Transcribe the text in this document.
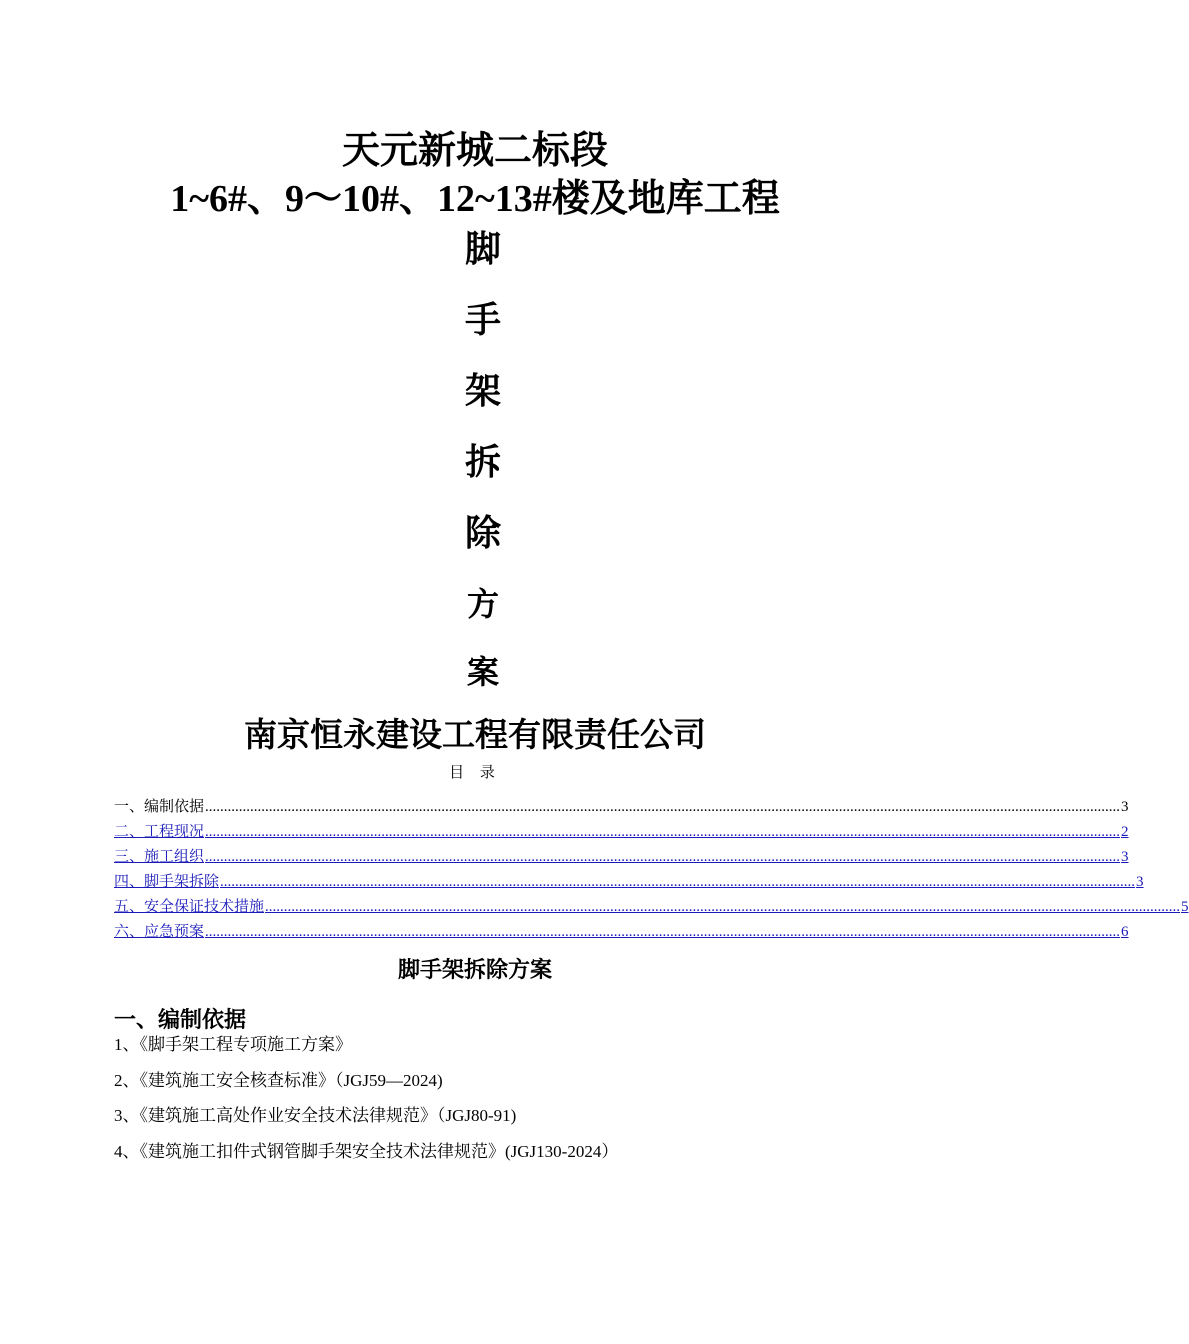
天元新城二标段
1~6#、9～10#、12~13#楼及地库工程
脚
手
架
拆
除
方
案
南京恒永建设工程有限责任公司
目 录
一、编制依据 .................................................................................................................................................................................................................................................... 3
二、工程现况 .................................................................................................................................................................................................................................................... 2
三、施工组织 .................................................................................................................................................................................................................................................... 3
四、脚手架拆除 .................................................................................................................................................................................................................................................... 3
五、安全保证技术措施 .................................................................................................................................................................................................................................................... 5
六、应急预案 .................................................................................................................................................................................................................................................... 6
脚手架拆除方案
一、编制依据
1、《脚手架工程专项施工方案》
2、《建筑施工安全核查标准》（JGJ59—2024)
3、《建筑施工高处作业安全技术法律规范》（JGJ80-91)
4、《建筑施工扣件式钢管脚手架安全技术法律规范》(JGJ130-2024）
